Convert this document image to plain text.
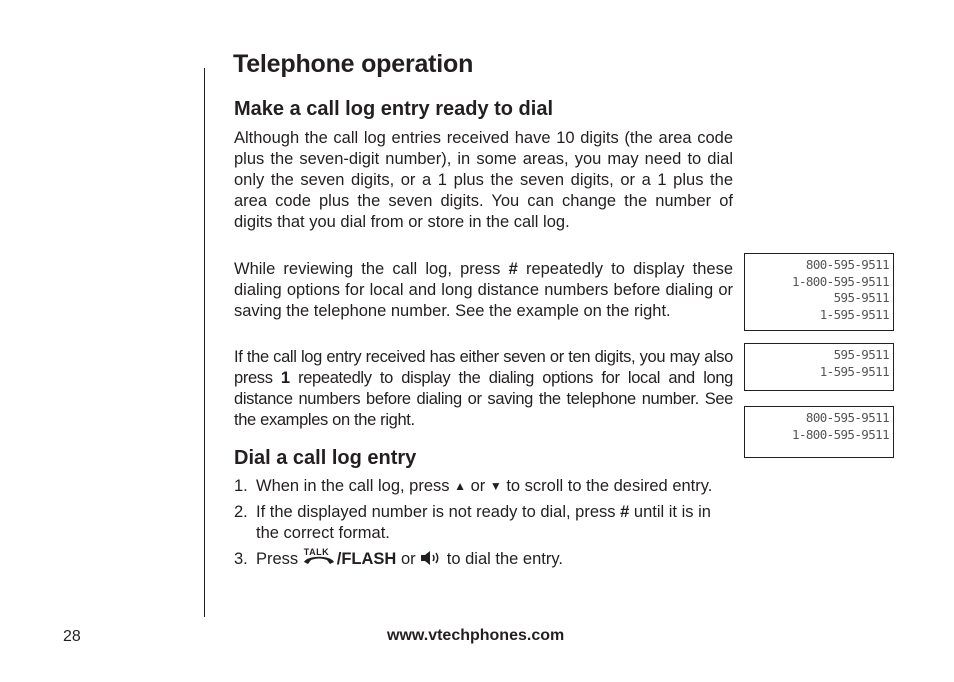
Telephone operation
Make a call log entry ready to dial
Although the call log entries received have 10 digits (the area code plus the seven-digit number), in some areas, you may need to dial only the seven digits, or a 1 plus the seven digits, or a 1 plus the area code plus the seven digits. You can change the number of digits that you dial from or store in the call log.
While reviewing the call log, press # repeatedly to display these dialing options for local and long distance numbers before dialing or saving the telephone number. See the example on the right.
If the call log entry received has either seven or ten digits, you may also press 1 repeatedly to display the dialing options for local and long distance numbers before dialing or saving the telephone number. See the examples on the right.
Dial a call log entry
1. When in the call log, press ▲ or ▼ to scroll to the desired entry.
2. If the displayed number is not ready to dial, press # until it is in the correct format.
3. Press TALK /FLASH or  to dial the entry.
800-595-9511
1-800-595-9511
595-9511
1-595-9511
595-9511
1-595-9511
800-595-9511
1-800-595-9511
28	www.vtechphones.com
